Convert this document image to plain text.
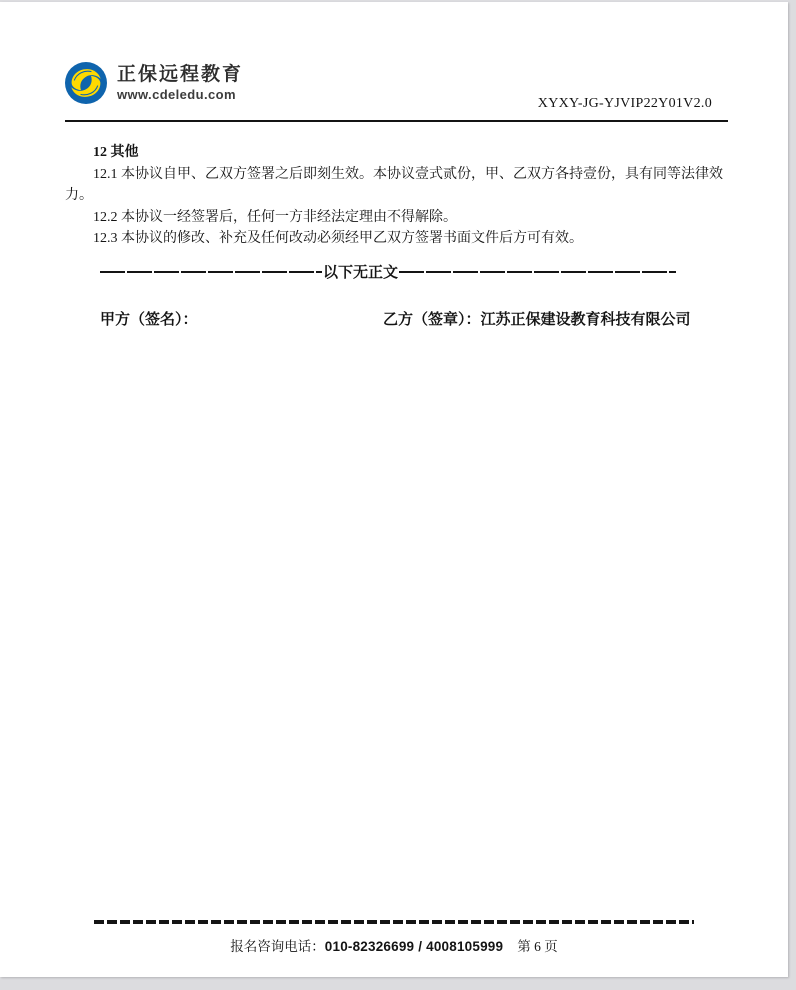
正保远程教育
www.cdeledu.com
XYXY-JG-YJVIP22Y01V2.0

12 其他

12.1 本协议自甲、乙双方签署之后即刻生效。本协议壹式贰份，甲、乙双方各持壹份，具有同等法律效力。

12.2 本协议一经签署后，任何一方非经法定理由不得解除。

12.3 本协议的修改、补充及任何改动必须经甲乙双方签署书面文件后方可有效。

以下无正文
甲方（签名）：	乙方（签章）：江苏正保建设教育科技有限公司
报名咨询电话：010-82326699 / 4008105999 第 6 页
